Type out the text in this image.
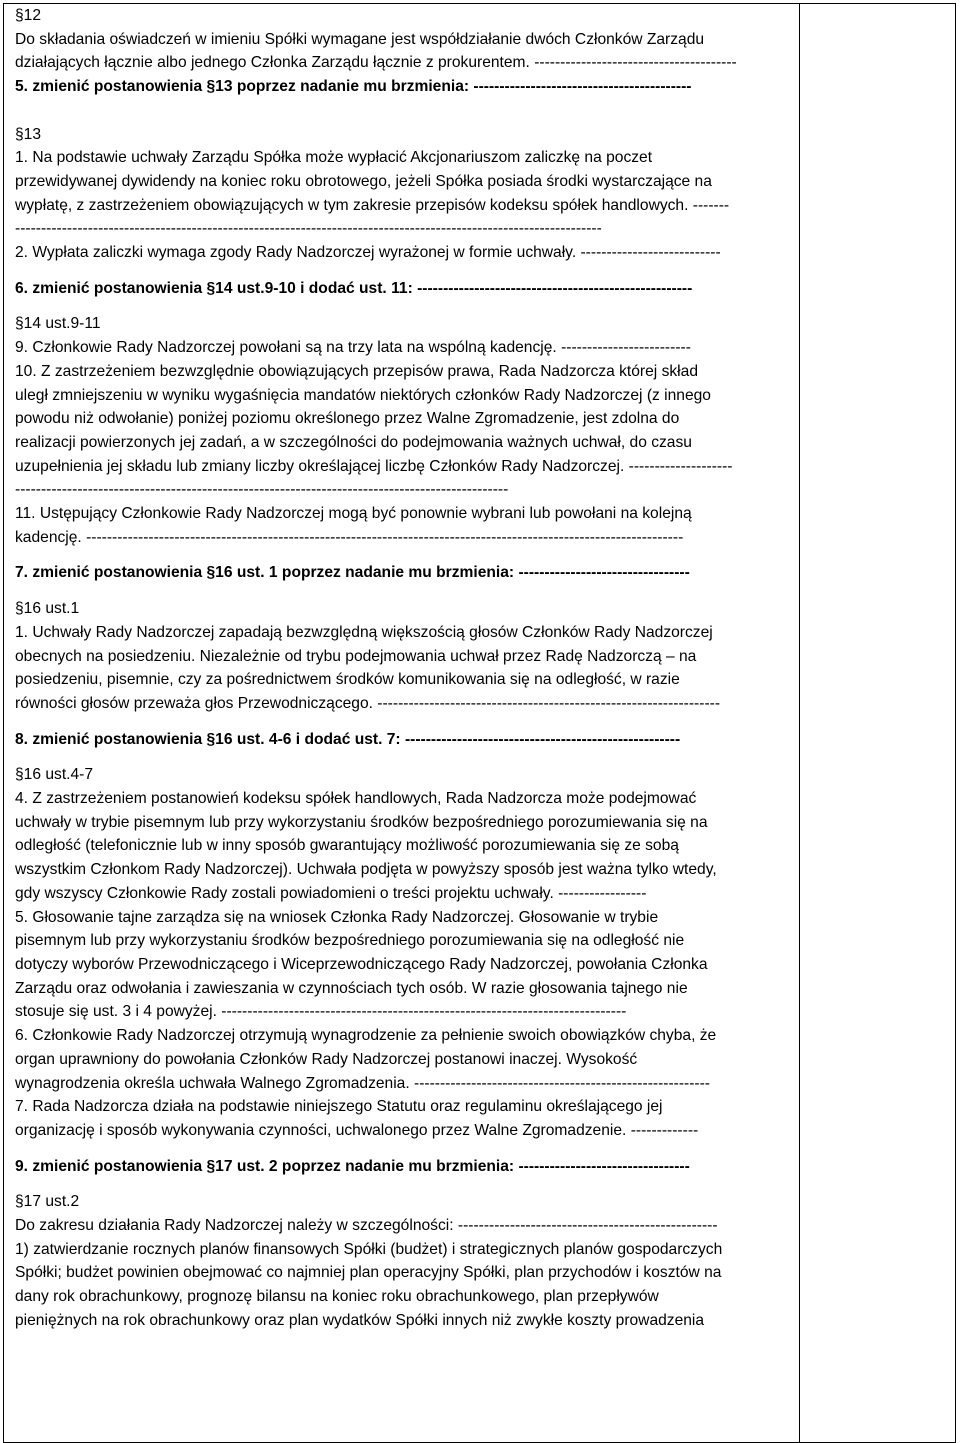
§12

Do składania oświadczeń w imieniu Spółki wymagane jest współdziałanie dwóch Członków Zarządu

działających łącznie albo jednego Członka Zarządu łącznie z prokurentem. ---------------------------------------

5. zmienić postanowienia §13 poprzez nadanie mu brzmienia: ------------------------------------------

§13

1. Na podstawie uchwały Zarządu Spółka może wypłacić Akcjonariuszom zaliczkę na poczet

przewidywanej dywidendy na koniec roku obrotowego, jeżeli Spółka posiada środki wystarczające na

wypłatę, z zastrzeżeniem obowiązujących w tym zakresie przepisów kodeksu spółek handlowych. -------

-----------------------------------------------------------------------------------------------------------------

2. Wypłata zaliczki wymaga zgody Rady Nadzorczej wyrażonej w formie uchwały. ---------------------------

6. zmienić postanowienia §14 ust.9-10 i dodać ust. 11: -----------------------------------------------------

§14 ust.9-11

9. Członkowie Rady Nadzorczej powołani są na trzy lata na wspólną kadencję. -------------------------

10. Z zastrzeżeniem bezwzględnie obowiązujących przepisów prawa, Rada Nadzorcza której skład

uległ zmniejszeniu w wyniku wygaśnięcia mandatów niektórych członków Rady Nadzorczej (z innego

powodu niż odwołanie) poniżej poziomu określonego przez Walne Zgromadzenie, jest zdolna do

realizacji powierzonych jej zadań, a w szczególności do podejmowania ważnych uchwał, do czasu

uzupełnienia jej składu lub zmiany liczby określającej liczbę Członków Rady Nadzorczej. --------------------

-----------------------------------------------------------------------------------------------

11. Ustępujący Członkowie Rady Nadzorczej mogą być ponownie wybrani lub powołani na kolejną

kadencję. -------------------------------------------------------------------------------------------------------------------

7. zmienić postanowienia §16 ust. 1 poprzez nadanie mu brzmienia: ---------------------------------

§16 ust.1

1. Uchwały Rady Nadzorczej zapadają bezwzględną większością głosów Członków Rady Nadzorczej

obecnych na posiedzeniu. Niezależnie od trybu podejmowania uchwał przez Radę Nadzorczą – na

posiedzeniu, pisemnie, czy za pośrednictwem środków komunikowania się na odległość, w razie

równości głosów przeważa głos Przewodniczącego. ------------------------------------------------------------------

8. zmienić postanowienia §16 ust. 4-6 i dodać ust. 7: -----------------------------------------------------

§16 ust.4-7

4. Z zastrzeżeniem postanowień kodeksu spółek handlowych, Rada Nadzorcza może podejmować

uchwały w trybie pisemnym lub przy wykorzystaniu środków bezpośredniego porozumiewania się na

odległość (telefonicznie lub w inny sposób gwarantujący możliwość porozumiewania się ze sobą

wszystkim Członkom Rady Nadzorczej). Uchwała podjęta w powyższy sposób jest ważna tylko wtedy,

gdy wszyscy Członkowie Rady zostali powiadomieni o treści projektu uchwały. -----------------

5. Głosowanie tajne zarządza się na wniosek Członka Rady Nadzorczej. Głosowanie w trybie

pisemnym lub przy wykorzystaniu środków bezpośredniego porozumiewania się na odległość nie

dotyczy wyborów Przewodniczącego i Wiceprzewodniczącego Rady Nadzorczej, powołania Członka

Zarządu oraz odwołania i zawieszania w czynnościach tych osób. W razie głosowania tajnego nie

stosuje się ust. 3 i 4 powyżej. ------------------------------------------------------------------------------

6. Członkowie Rady Nadzorczej otrzymują wynagrodzenie za pełnienie swoich obowiązków chyba, że

organ uprawniony do powołania Członków Rady Nadzorczej postanowi inaczej. Wysokość

wynagrodzenia określa uchwała Walnego Zgromadzenia. ---------------------------------------------------------

7. Rada Nadzorcza działa na podstawie niniejszego Statutu oraz regulaminu określającego jej

organizację i sposób wykonywania czynności, uchwalonego przez Walne Zgromadzenie. -------------

9. zmienić postanowienia §17 ust. 2 poprzez nadanie mu brzmienia: ---------------------------------

§17 ust.2

Do zakresu działania Rady Nadzorczej należy w szczególności: --------------------------------------------------

1) zatwierdzanie rocznych planów finansowych Spółki (budżet) i strategicznych planów gospodarczych

Spółki; budżet powinien obejmować co najmniej plan operacyjny Spółki, plan przychodów i kosztów na

dany rok obrachunkowy, prognozę bilansu na koniec roku obrachunkowego, plan przepływów

pieniężnych na rok obrachunkowy oraz plan wydatków Spółki innych niż zwykłe koszty prowadzenia
